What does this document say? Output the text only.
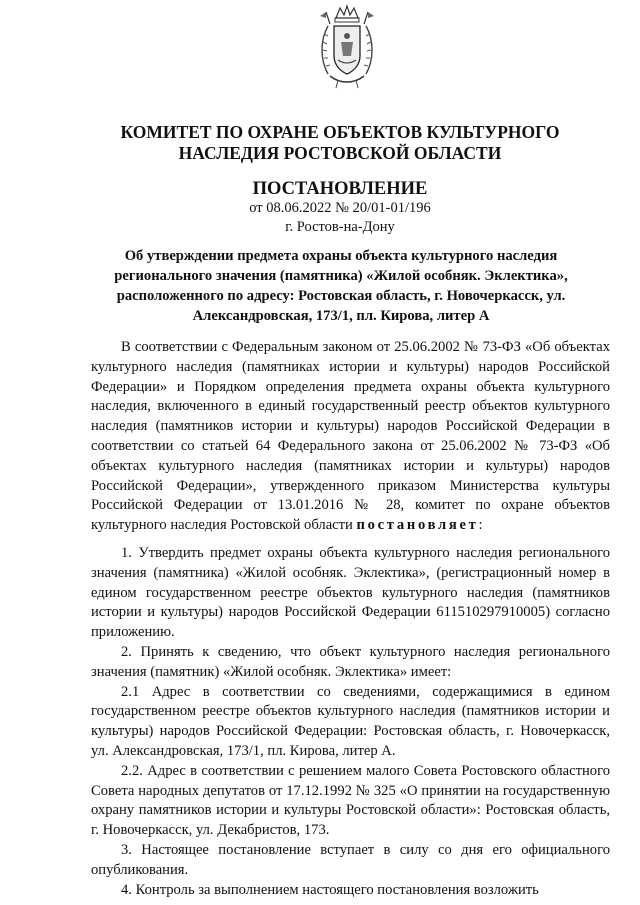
КОМИТЕТ ПО ОХРАНЕ ОБЪЕКТОВ КУЛЬТУРНОГО
НАСЛЕДИЯ РОСТОВСКОЙ ОБЛАСТИ
ПОСТАНОВЛЕНИЕ
от 08.06.2022 № 20/01-01/196
г. Ростов-на-Дону
Об утверждении предмета охраны объекта культурного наследия регионального значения (памятника) «Жилой особняк. Эклектика», расположенного по адресу: Ростовская область, г. Новочеркасск, ул. Александровская, 173/1, пл. Кирова, литер А

В соответствии с Федеральным законом от 25.06.2002 № 73-ФЗ «Об объектах культурного наследия (памятниках истории и культуры) народов Российской Федерации» и Порядком определения предмета охраны объекта культурного наследия, включенного в единый государственный реестр объектов культурного наследия (памятников истории и культуры) народов Российской Федерации в соответствии со статьей 64 Федерального закона от 25.06.2002 № 73-ФЗ «Об объектах культурного наследия (памятниках истории и культуры) народов Российской Федерации», утвержденного приказом Министерства культуры Российской Федерации от 13.01.2016 № 28, комитет по охране объектов культурного наследия Ростовской области постановляет:

1. Утвердить предмет охраны объекта культурного наследия регионального значения (памятника) «Жилой особняк. Эклектика», (регистрационный номер в едином государственном реестре объектов культурного наследия (памятников истории и культуры) народов Российской Федерации 611510297910005) согласно приложению.

2. Принять к сведению, что объект культурного наследия регионального значения (памятник) «Жилой особняк. Эклектика» имеет:

2.1 Адрес в соответствии со сведениями, содержащимися в едином государственном реестре объектов культурного наследия (памятников истории и культуры) народов Российской Федерации: Ростовская область, г. Новочеркасск, ул. Александровская, 173/1, пл. Кирова, литер А.

2.2. Адрес в соответствии с решением малого Совета Ростовского областного Совета народных депутатов от 17.12.1992 № 325 «О принятии на государственную охрану памятников истории и культуры Ростовской области»: Ростовская область, г. Новочеркасск, ул. Декабристов, 173.

3. Настоящее постановление вступает в силу со дня его официального опубликования.

4. Контроль за выполнением настоящего постановления возложить
